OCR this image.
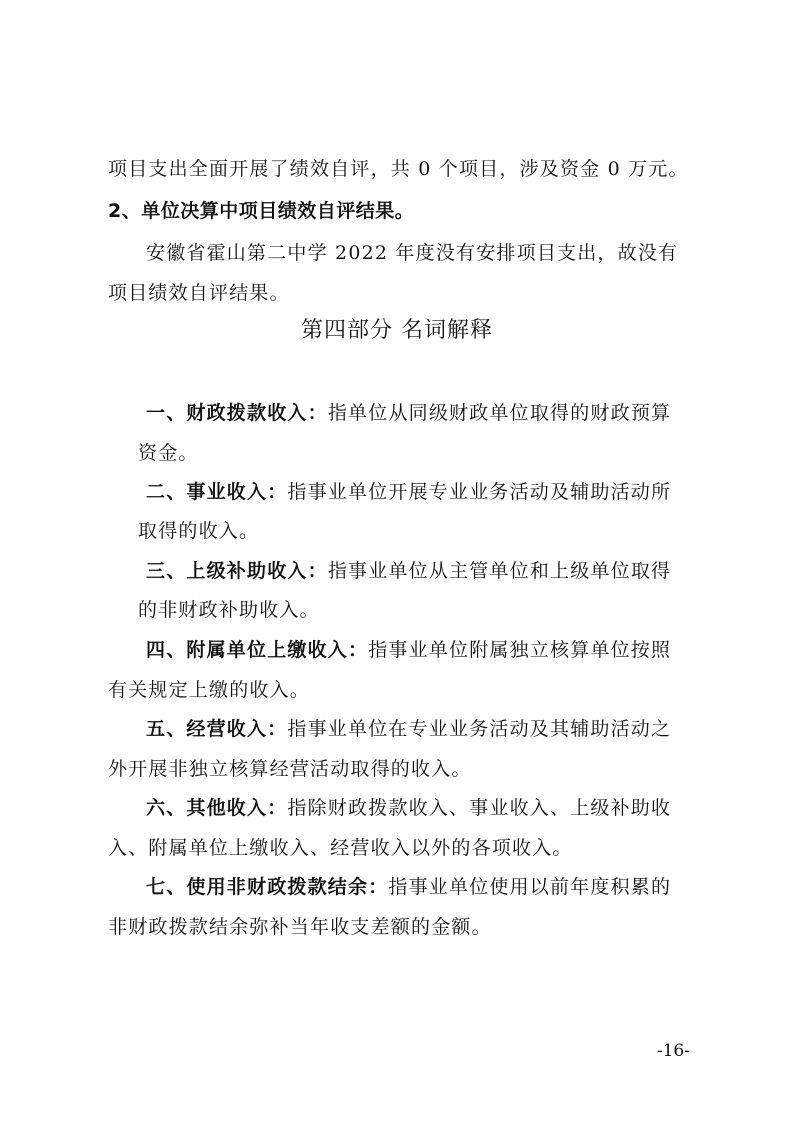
项目支出全面开展了绩效自评，共 0 个项目，涉及资金 0 万元。
2、单位决算中项目绩效自评结果。
安徽省霍山第二中学 2022 年度没有安排项目支出，故没有
项目绩效自评结果。
第四部分 名词解释
一、财政拨款收入：指单位从同级财政单位取得的财政预算
资金。
二、事业收入：指事业单位开展专业业务活动及辅助活动所
取得的收入。
三、上级补助收入：指事业单位从主管单位和上级单位取得
的非财政补助收入。
四、附属单位上缴收入：指事业单位附属独立核算单位按照
有关规定上缴的收入。
五、经营收入：指事业单位在专业业务活动及其辅助活动之
外开展非独立核算经营活动取得的收入。
六、其他收入：指除财政拨款收入、事业收入、上级补助收
入、附属单位上缴收入、经营收入以外的各项收入。
七、使用非财政拨款结余：指事业单位使用以前年度积累的
非财政拨款结余弥补当年收支差额的金额。
-16-
